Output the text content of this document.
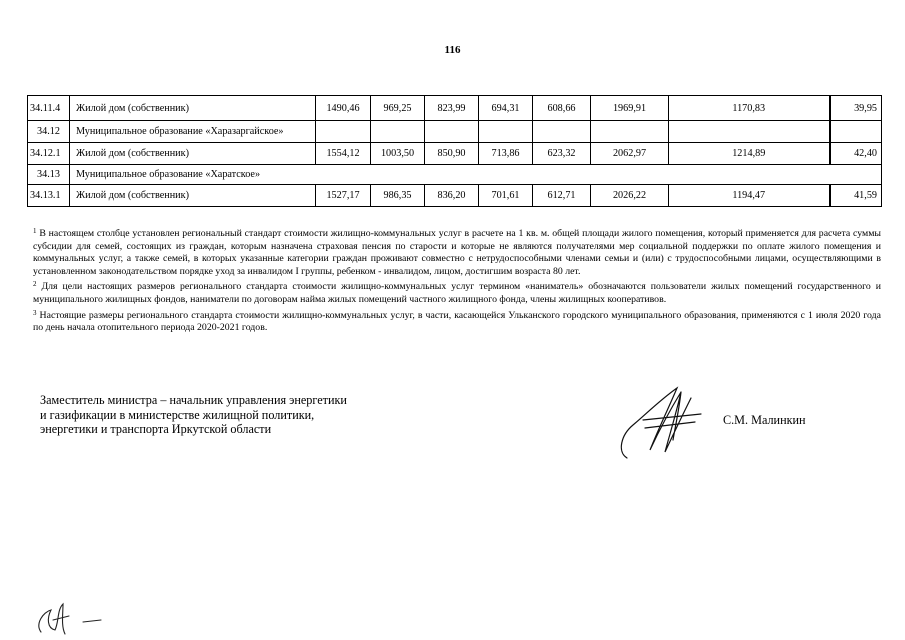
116
34.11.4	Жилой дом (собственник)	1490,46	969,25	823,99	694,31	608,66	1969,91	1170,83	39,95
34.12	Муниципальное образование «Харазаргайское»								
34.12.1	Жилой дом (собственник)	1554,12	1003,50	850,90	713,86	623,32	2062,97	1214,89	42,40
34.13	Муниципальное образование «Харатское»								
34.13.1	Жилой дом (собственник)	1527,17	986,35	836,20	701,61	612,71	2026,22	1194,47	41,59

$^1$ В настоящем столбце установлен региональный стандарт стоимости жилищно-коммунальных услуг в расчете на 1 кв. м. общей площади жилого помещения, который применяется для расчета суммы субсидии для семей, состоящих из граждан, которым назначена страховая пенсия по старости и которые не являются получателями мер социальной поддержки по оплате жилого помещения и коммунальных услуг, а также семей, в которых указанные категории граждан проживают совместно с нетрудоспособными членами семьи и (или) с трудоспособными лицами, осуществляющими в установленном законодательством порядке уход за инвалидом I группы, ребенком - инвалидом, лицом, достигшим возраста 80 лет.

$^2$ Для цели настоящих размеров регионального стандарта стоимости жилищно-коммунальных услуг термином «наниматель» обозначаются пользователи жилых помещений государственного и муниципального жилищных фондов, наниматели по договорам найма жилых помещений частного жилищного фонда, члены жилищных кооперативов.

$^3$ Настоящие размеры регионального стандарта стоимости жилищно-коммунальных услуг, в части, касающейся Ульканского городского муниципального образования, применяются с 1 июля 2020 года по день начала отопительного периода 2020-2021 годов.

Заместитель министра – начальник управления энергетики

и газификации в министерстве жилищной политики,

энергетики и транспорта Иркутской области

С.М. Малинкин
